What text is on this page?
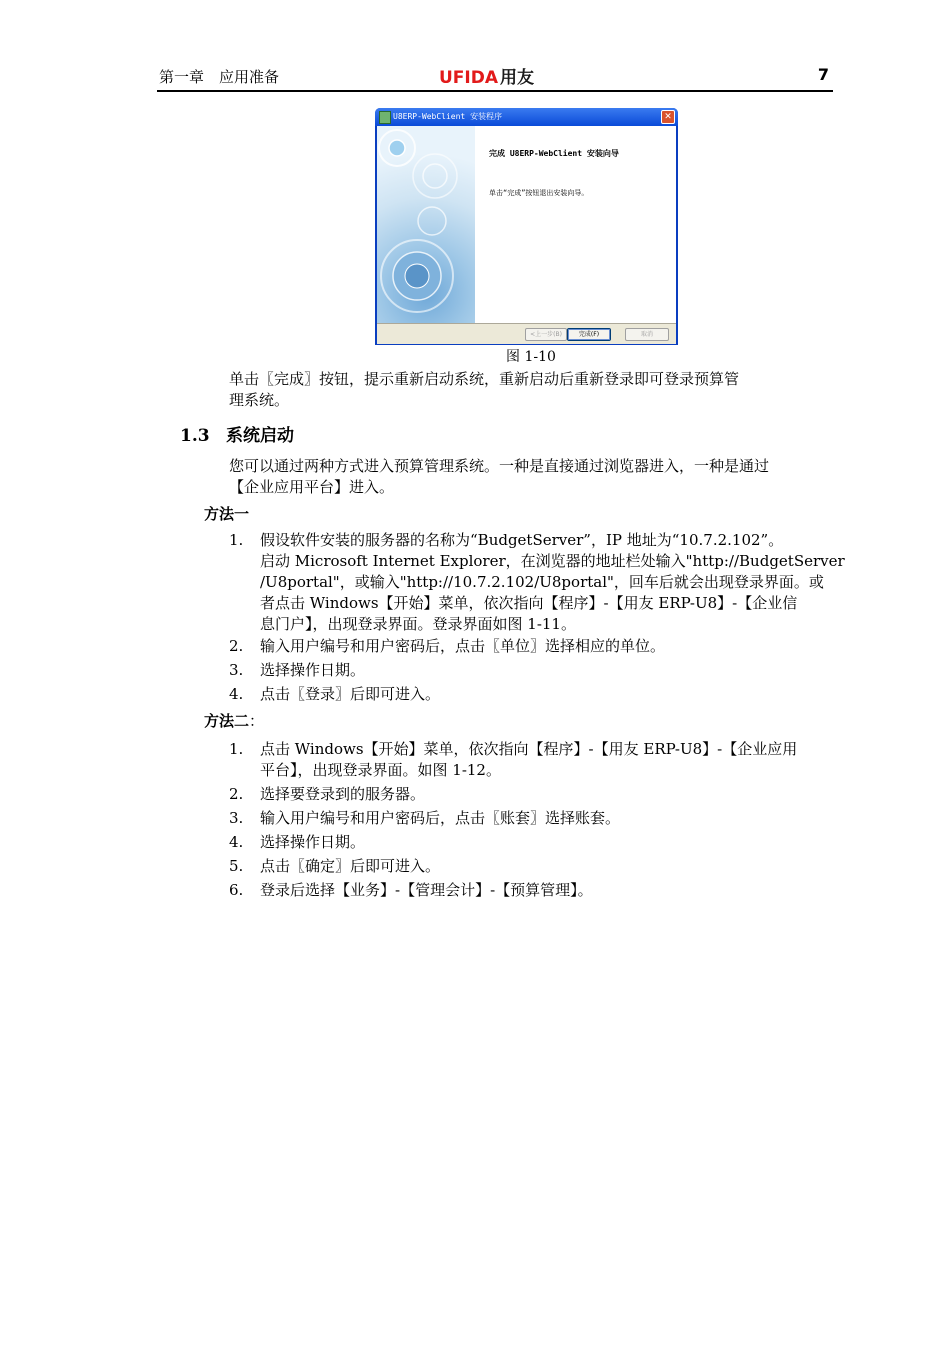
第一章　应用准备	UFIDA 用友	7
U8ERP-WebClient 安装程序	✕
完成 U8ERP-WebClient 安装向导
单击“完成”按钮退出安装向导。
<上一步(B)	完成(F)	取消
图 1-10
单击〖完成〗按钮，提示重新启动系统，重新启动后重新登录即可登录预算管
理系统。
1.3 系统启动
您可以通过两种方式进入预算管理系统。一种是直接通过浏览器进入，一种是通过
【企业应用平台】进入。
方法一
1. 假设软件安装的服务器的名称为“BudgetServer”，IP 地址为“10.7.2.102”。
启动 Microsoft Internet Explorer，在浏览器的地址栏处输入"http://BudgetServer
/U8portal"，或输入"http://10.7.2.102/U8portal"，回车后就会出现登录界面。或
者点击 Windows【开始】菜单，依次指向【程序】-【用友 ERP-U8】-【企业信
息门户】，出现登录界面。登录界面如图 1-11。
2. 输入用户编号和用户密码后，点击〖单位〗选择相应的单位。
3. 选择操作日期。
4. 点击〖登录〗后即可进入。
方法二：
1. 点击 Windows【开始】菜单，依次指向【程序】-【用友 ERP-U8】-【企业应用
平台】，出现登录界面。如图 1-12。
2. 选择要登录到的服务器。
3. 输入用户编号和用户密码后，点击〖账套〗选择账套。
4. 选择操作日期。
5. 点击〖确定〗后即可进入。
6. 登录后选择【业务】-【管理会计】-【预算管理】。
